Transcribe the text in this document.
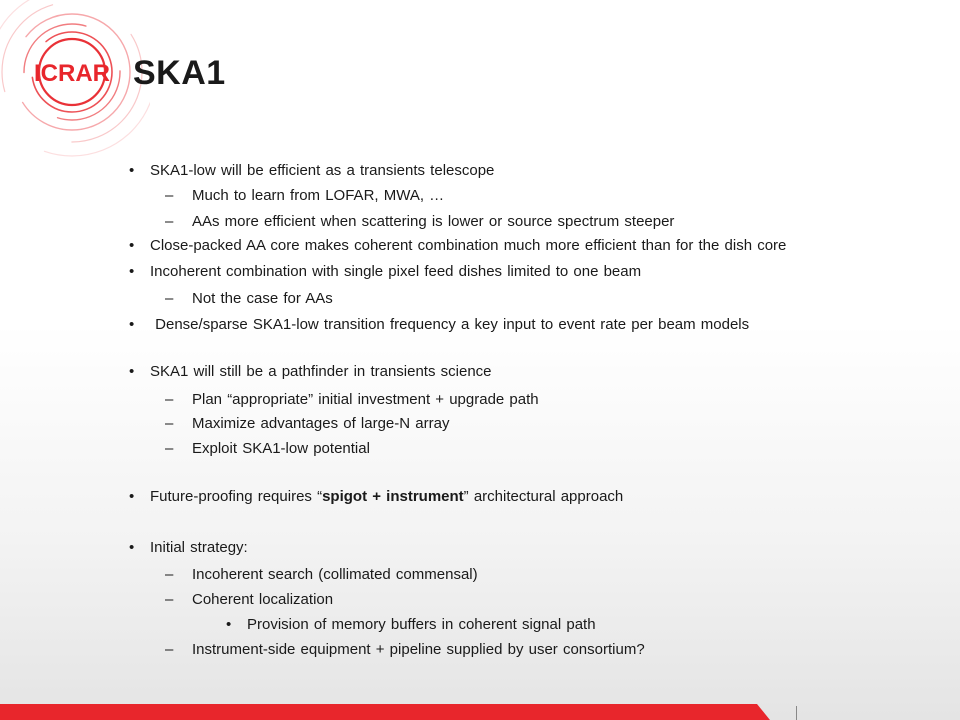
ICRAR SKA1
• SKA1-low will be efficient as a transients telescope
– Much to learn from LOFAR, MWA, …
– AAs more efficient when scattering is lower or source spectrum steeper
• Close-packed AA core makes coherent combination much more efficient than for the dish core
• Incoherent combination with single pixel feed dishes limited to one beam
– Not the case for AAs
• Dense/sparse SKA1-low transition frequency a key input to event rate per beam models
• SKA1 will still be a pathfinder in transients science
– Plan “appropriate” initial investment + upgrade path
– Maximize advantages of large-N array
– Exploit SKA1-low potential
• Future-proofing requires “spigot + instrument” architectural approach
• Initial strategy:
– Incoherent search (collimated commensal)
– Coherent localization
• Provision of memory buffers in coherent signal path
– Instrument-side equipment + pipeline supplied by user consortium?
